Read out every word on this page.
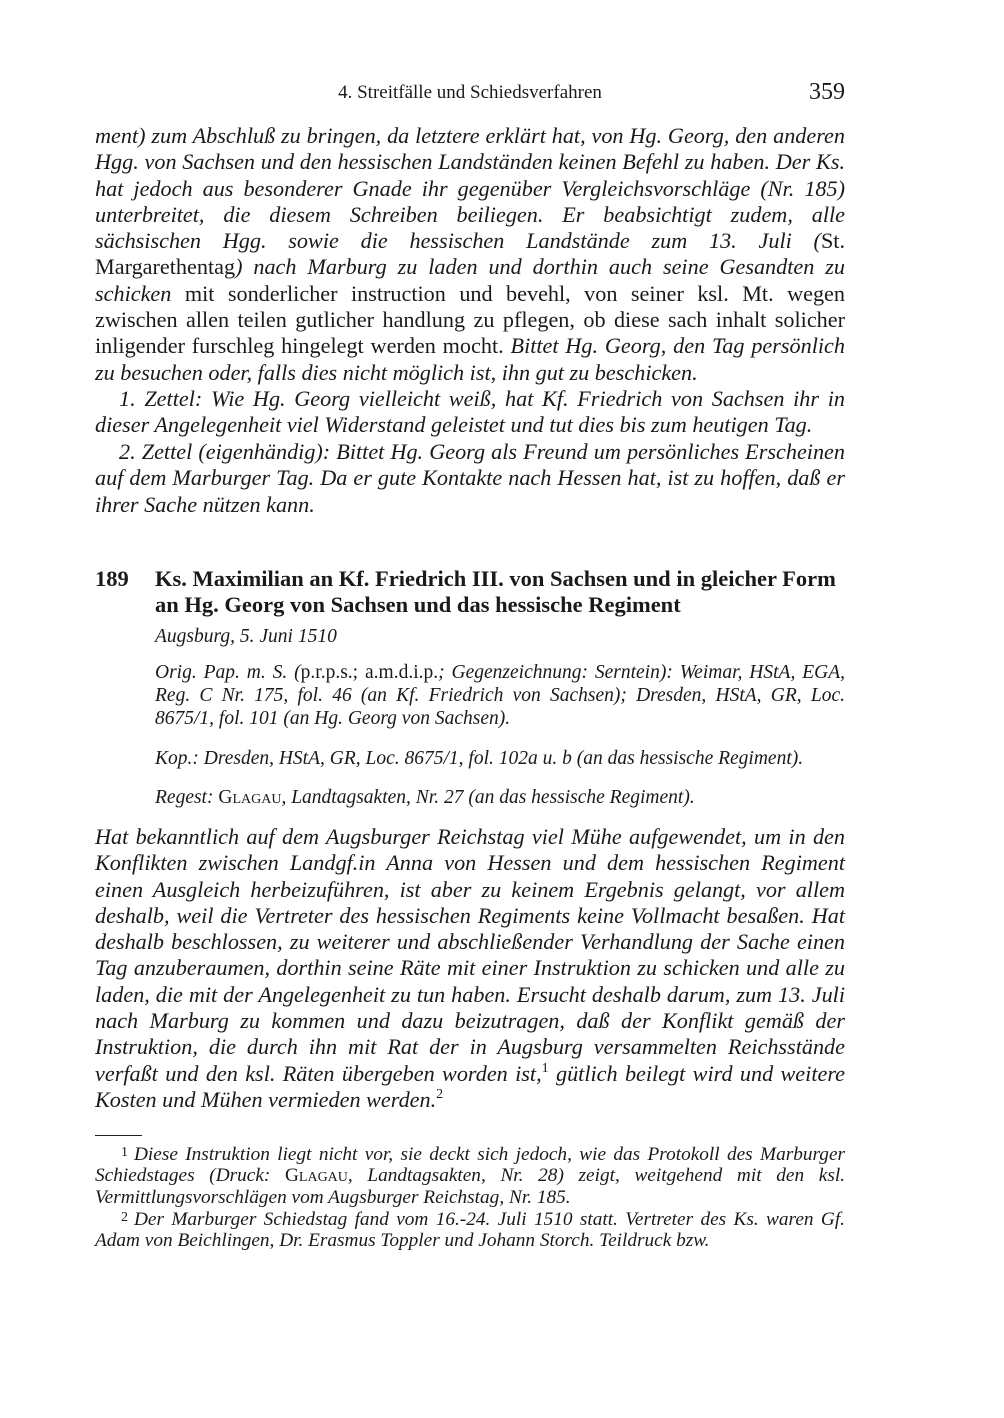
4. Streitfälle und Schiedsverfahren	359
ment) zum Abschluß zu bringen, da letztere erklärt hat, von Hg. Georg, den anderen Hgg. von Sachsen und den hessischen Landständen keinen Befehl zu haben. Der Ks. hat jedoch aus besonderer Gnade ihr gegenüber Vergleichsvorschläge (Nr. 185) unterbreitet, die diesem Schreiben beiliegen. Er beabsichtigt zudem, alle sächsischen Hgg. sowie die hessischen Landstände zum 13. Juli (St. Margarethentag) nach Marburg zu laden und dorthin auch seine Gesandten zu schicken mit sonderlicher instruction und bevehl, von seiner ksl. Mt. wegen zwischen allen teilen gutlicher handlung zu pflegen, ob diese sach inhalt solicher inligender furschleg hingelegt werden mocht. Bittet Hg. Georg, den Tag persönlich zu besuchen oder, falls dies nicht möglich ist, ihn gut zu beschicken.
1. Zettel: Wie Hg. Georg vielleicht weiß, hat Kf. Friedrich von Sachsen ihr in dieser Angelegenheit viel Widerstand geleistet und tut dies bis zum heutigen Tag.
2. Zettel (eigenhändig): Bittet Hg. Georg als Freund um persönliches Erscheinen auf dem Marburger Tag. Da er gute Kontakte nach Hessen hat, ist zu hoffen, daß er ihrer Sache nützen kann.
189 Ks. Maximilian an Kf. Friedrich III. von Sachsen und in gleicher Form an Hg. Georg von Sachsen und das hessische Regiment
Augsburg, 5. Juni 1510
Orig. Pap. m. S. (p.r.p.s.; a.m.d.i.p.; Gegenzeichnung: Serntein): Weimar, HStA, EGA, Reg. C Nr. 175, fol. 46 (an Kf. Friedrich von Sachsen); Dresden, HStA, GR, Loc. 8675/1, fol. 101 (an Hg. Georg von Sachsen).
Kop.: Dresden, HStA, GR, Loc. 8675/1, fol. 102a u. b (an das hessische Regiment).
Regest: Glagau, Landtagsakten, Nr. 27 (an das hessische Regiment).
Hat bekanntlich auf dem Augsburger Reichstag viel Mühe aufgewendet, um in den Konflikten zwischen Landgf.in Anna von Hessen und dem hessischen Regiment einen Ausgleich herbeizuführen, ist aber zu keinem Ergebnis gelangt, vor allem deshalb, weil die Vertreter des hessischen Regiments keine Vollmacht besaßen. Hat deshalb beschlossen, zu weiterer und abschließender Verhandlung der Sache einen Tag anzuberaumen, dorthin seine Räte mit einer Instruktion zu schicken und alle zu laden, die mit der Angelegenheit zu tun haben. Ersucht deshalb darum, zum 13. Juli nach Marburg zu kommen und dazu beizutragen, daß der Konflikt gemäß der Instruktion, die durch ihn mit Rat der in Augsburg versammelten Reichsstände verfaßt und den ksl. Räten übergeben worden ist,$^1$ gütlich beilegt wird und weitere Kosten und Mühen vermieden werden.$^2$
$^1$ Diese Instruktion liegt nicht vor, sie deckt sich jedoch, wie das Protokoll des Marburger Schiedstages (Druck: Glagau, Landtagsakten, Nr. 28) zeigt, weitgehend mit den ksl. Vermittlungsvorschlägen vom Augsburger Reichstag, Nr. 185.
$^2$ Der Marburger Schiedstag fand vom 16.-24. Juli 1510 statt. Vertreter des Ks. waren Gf. Adam von Beichlingen, Dr. Erasmus Toppler und Johann Storch. Teildruck bzw.
